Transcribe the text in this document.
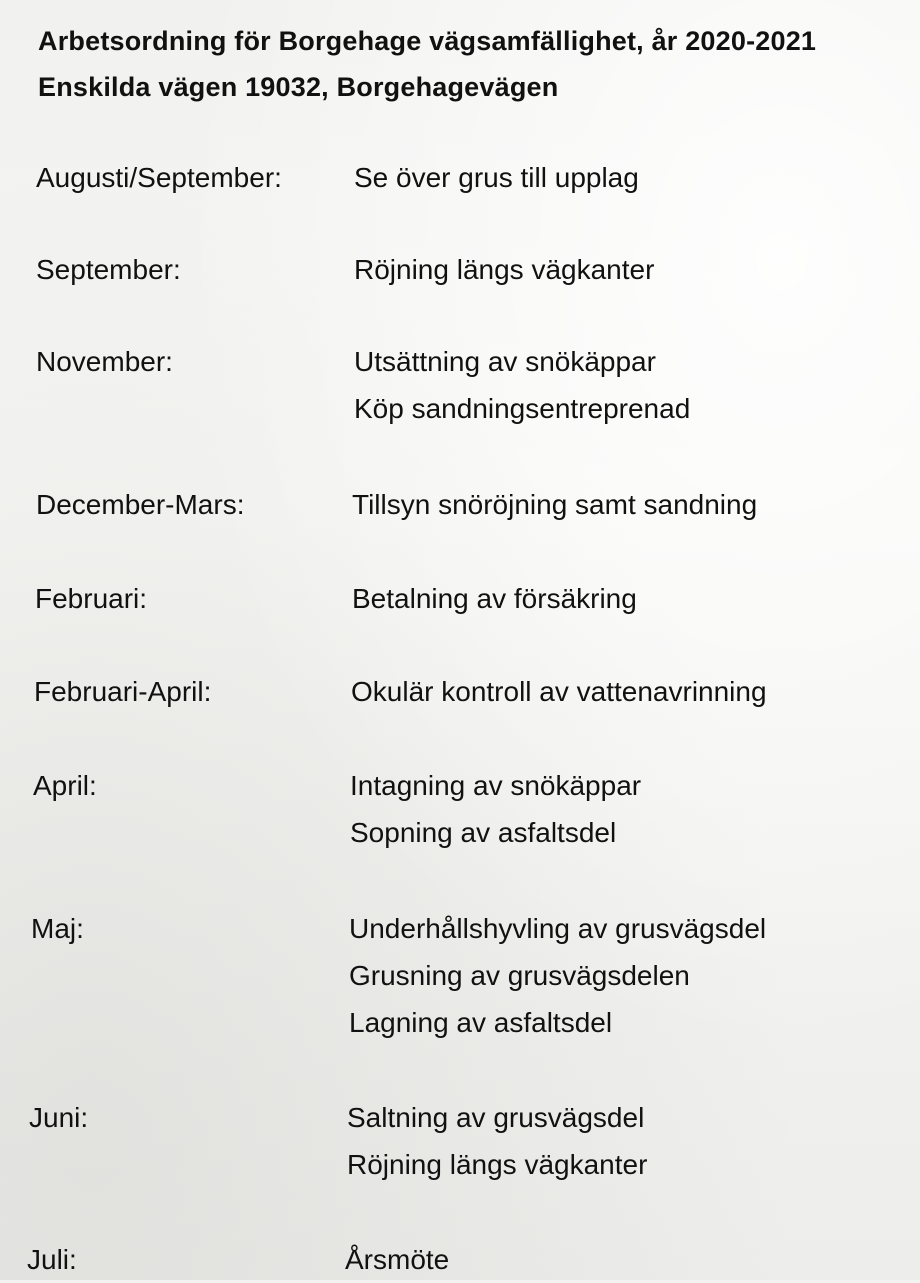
Arbetsordning för Borgehage vägsamfällighet, år 2020-2021
Enskilda vägen 19032, Borgehagevägen
Augusti/September:	Se över grus till upplag
September:	Röjning längs vägkanter
November:	Utsättning av snökäppar
Köp sandningsentreprenad
December-Mars:	Tillsyn snöröjning samt sandning
Februari:	Betalning av försäkring
Februari-April:	Okulär kontroll av vattenavrinning
April:	Intagning av snökäppar
Sopning av asfaltsdel
Maj:	Underhållshyvling av grusvägsdel
Grusning av grusvägsdelen
Lagning av asfaltsdel
Juni:	Saltning av grusvägsdel
Röjning längs vägkanter
Juli:	Årsmöte
